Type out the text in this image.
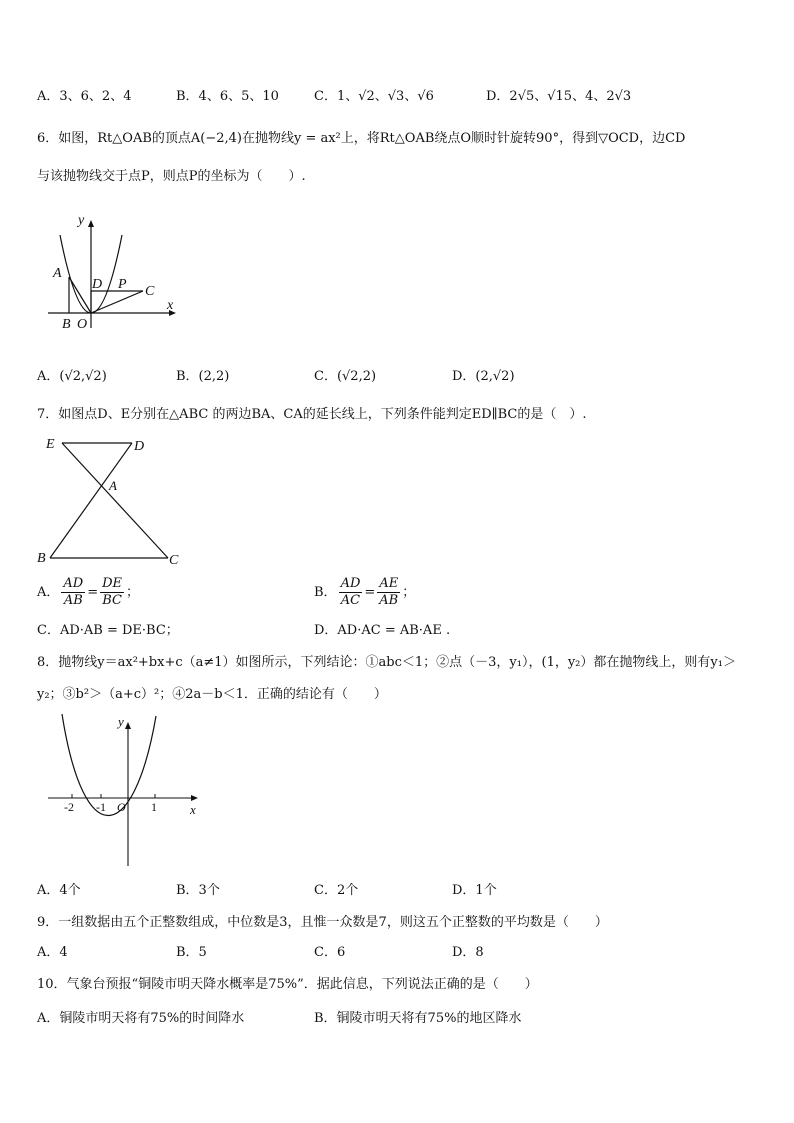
A．3、6、2、4	B．4、6、5、10	C．1、√2、√3、√6	D．2√5、√15、4、2√3
6．如图，Rt△OAB的顶点A(−2,4)在抛物线y = ax²上，将Rt△OAB绕点O顺时针旋转90°，得到▽OCD，边CD
与该抛物线交于点P，则点P的坐标为（　　）.
y
x
A
B O
D P C
A．(√2,√2)	B．(2,2)	C．(√2,2)	D．(2,√2)
7．如图点D、E分别在△ABC 的两边BA、CA的延长线上，下列条件能判定ED∥BC的是（　）.
E	D
A
B	C
A． $\frac{AD}{AB} = \frac{DE}{BC}$ ；	B． $\frac{AD}{AC} = \frac{AE}{AB}$ ；
C．AD·AB = DE·BC；	D．AD·AC = AB·AE .
8．抛物线y＝ax²+bx+c（a≠1）如图所示，下列结论：①abc＜1；②点（－3，y₁），(1，y₂）都在抛物线上，则有y₁＞
y₂；③b²＞（a+c）²；④2a－b＜1．正确的结论有（　　）
y
x
-2 -1 O 1
A．4个	B．3个	C．2个	D．1个
9．一组数据由五个正整数组成，中位数是3，且惟一众数是7，则这五个正整数的平均数是（　　）
A．4	B．5	C．6	D．8
10．气象台预报“铜陵市明天降水概率是75%”．据此信息，下列说法正确的是（　　）
A．铜陵市明天将有75%的时间降水	B．铜陵市明天将有75%的地区降水
